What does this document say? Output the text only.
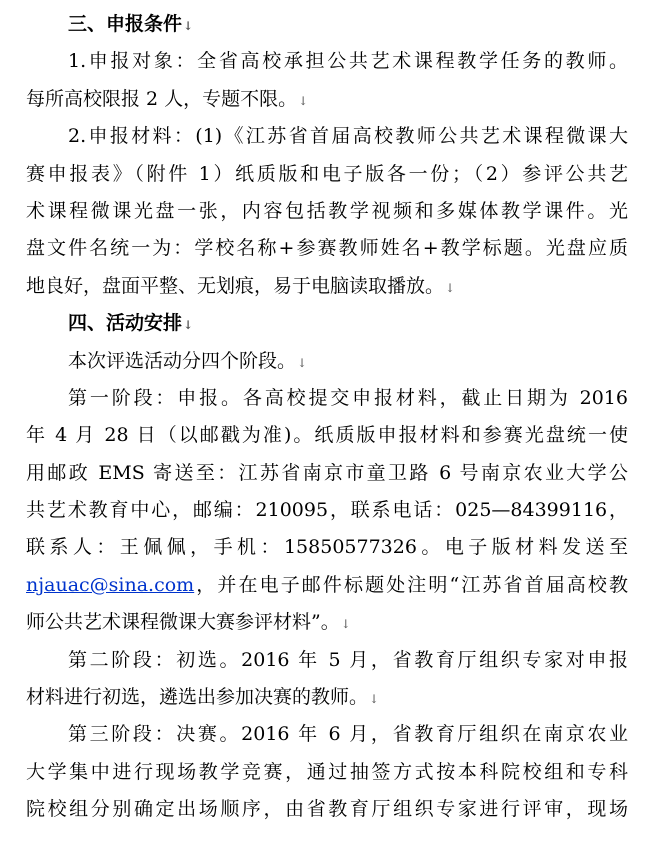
三、申报条件↓
1.申报对象：全省高校承担公共艺术课程教学任务的教师。
每所高校限报 2 人，专题不限。↓
2.申报材料：(1)《江苏省首届高校教师公共艺术课程微课大
赛申报表》（附件 1）纸质版和电子版各一份；（2）参评公共艺
术课程微课光盘一张，内容包括教学视频和多媒体教学课件。光
盘文件名统一为：学校名称+参赛教师姓名+教学标题。光盘应质
地良好，盘面平整、无划痕，易于电脑读取播放。↓
四、活动安排↓
本次评选活动分四个阶段。↓
第一阶段：申报。各高校提交申报材料，截止日期为 2016
年 4 月 28 日（以邮戳为准)。纸质版申报材料和参赛光盘统一使
用邮政 EMS 寄送至：江苏省南京市童卫路 6 号南京农业大学公
共艺术教育中心，邮编：210095，联系电话：025—84399116，
联系人：王佩佩，手机：15850577326。电子版材料发送至
njauac@sina.com，并在电子邮件标题处注明“江苏省首届高校教
师公共艺术课程微课大赛参评材料”。↓
第二阶段：初选。2016 年 5 月，省教育厅组织专家对申报
材料进行初选，遴选出参加决赛的教师。↓
第三阶段：决赛。2016 年 6 月，省教育厅组织在南京农业
大学集中进行现场教学竞赛，通过抽签方式按本科院校组和专科
院校组分别确定出场顺序，由省教育厅组织专家进行评审，现场
